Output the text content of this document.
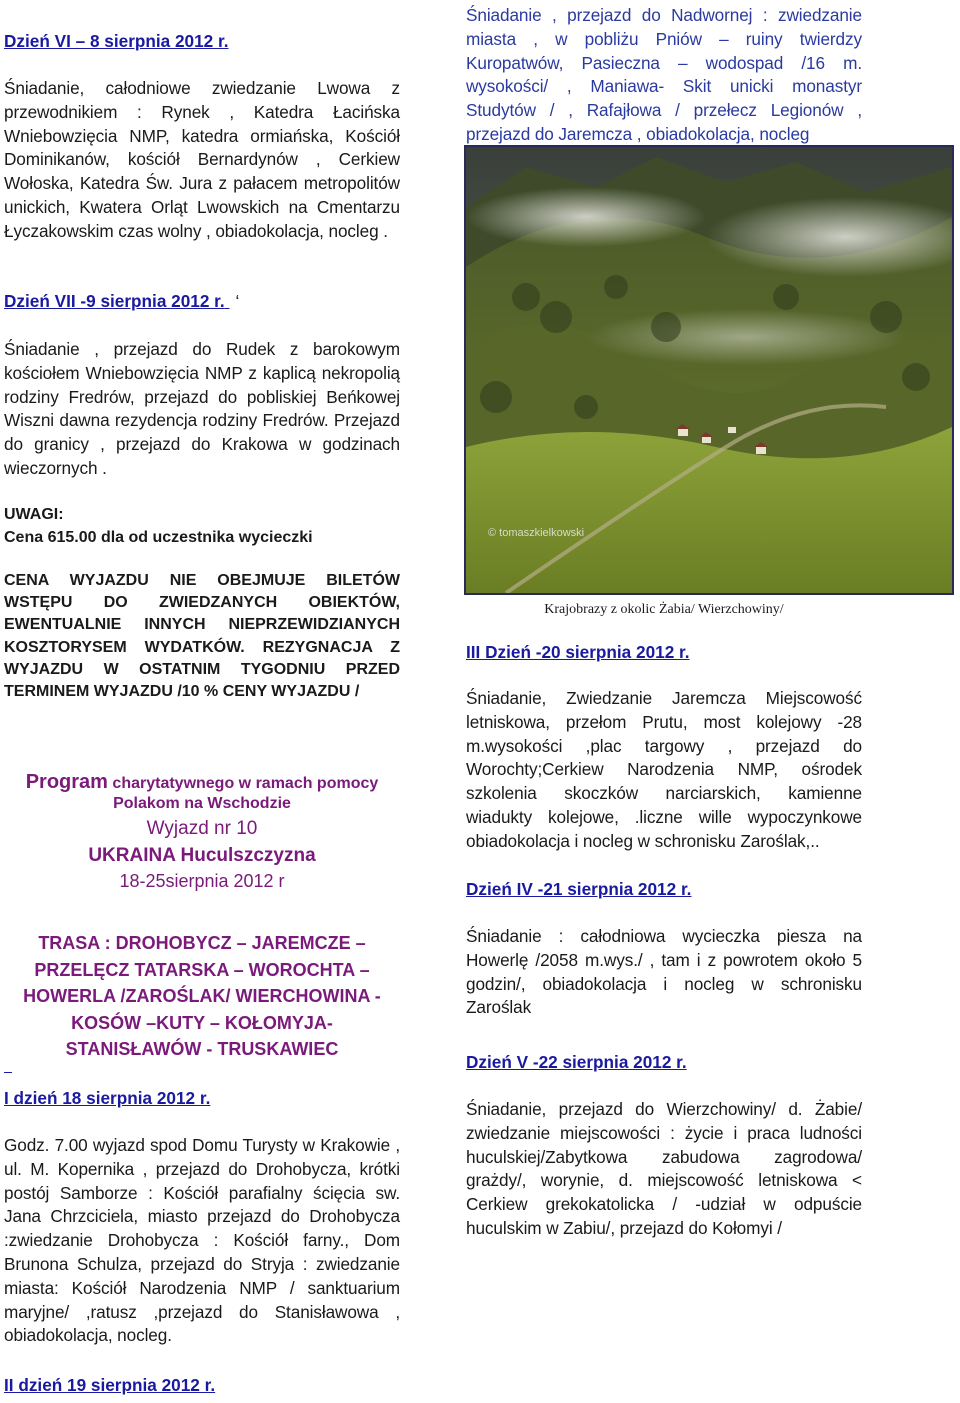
Dzień VI – 8 sierpnia 2012 r.

Śniadanie, całodniowe zwiedzanie Lwowa z przewodnikiem : Rynek , Katedra Łacińska Wniebowzięcia NMP, katedra ormiańska, Kościół Dominikanów, kościół Bernardynów , Cerkiew Wołoska, Katedra Św. Jura z pałacem metropolitów unickich, Kwatera Orląt Lwowskich na Cmentarzu Łyczakowskim czas wolny , obiadokolacja, nocleg .

Dzień VII -9 sierpnia 2012 r. ‘

Śniadanie , przejazd do Rudek z barokowym kościołem Wniebowzięcia NMP z kaplicą nekropolią rodziny Fredrów, przejazd do pobliskiej Beńkowej Wiszni dawna rezydencja rodziny Fredrów. Przejazd do granicy , przejazd do Krakowa w godzinach wieczornych .

UWAGI:
Cena 615.00 dla od uczestnika wycieczki

CENA WYJAZDU NIE OBEJMUJE BILETÓW WSTĘPU DO ZWIEDZANYCH OBIEKTÓW, EWENTUALNIE INNYCH NIEPRZEWIDZIANYCH KOSZTORYSEM WYDATKÓW. REZYGNACJA Z WYJAZDU W OSTATNIM TYGODNIU PRZED TERMINEM WYJAZDU /10 % CENY WYJAZDU /

Program charytatywnego w ramach pomocy
Polakom na Wschodzie
Wyjazd nr 10
UKRAINA Huculszczyzna
18-25sierpnia 2012 r
TRASA : DROHOBYCZ – JAREMCZE – PRZELĘCZ TATARSKA – WOROCHTA – HOWERLA /ZAROŚLAK/ WIERCHOWINA - KOSÓW –KUTY – KOŁOMYJA- STANISŁAWÓW - TRUSKAWIEC
I dzień 18 sierpnia 2012 r.

Godz. 7.00 wyjazd spod Domu Turysty w Krakowie , ul. M. Kopernika , przejazd do Drohobycza, krótki postój Samborze : Kościół parafialny ścięcia sw. Jana Chrzciciela, miasto przejazd do Drohobycza :zwiedzanie Drohobycza : Kościół farny., Dom Brunona Schulza, przejazd do Stryja : zwiedzanie miastа: Kościół Narodzenia NMP / sanktuarium maryjne/ ,ratusz ,przejazd do Stanisławowa , obiadokolacja, nocleg.

II dzień 19 sierpnia 2012 r.

Śniadanie , przejazd do Nadwornej : zwiedzanie miasta , w pobliżu Pniów – ruiny twierdzy Kuropatwów, Pasieczna – wodospad /16 m. wysokości/ , Maniawa- Skit unicki monastyr Studytów / , Rafajłowa / przełecz Legionów , przejazd do Jaremcza , obiadokolacja, nocleg

© tomaszkielkowski
Krajobrazy z okolic Żabia/ Wierzchowiny/
III Dzień -20 sierpnia 2012 r.

Śniadanie, Zwiedzanie Jaremcza Miejscowość letniskowa, przełom Prutu, most kolejowy -28 m.wysokości ,plac targowy , przejazd do Worochty;Cerkiew Narodzenia NMP, ośrodek szkolenia skoczków narciarskich, kamienne wiadukty kolejowe, .liczne wille wypoczynkowe obiadokolacja i nocleg w schronisku Zaroślak,..

Dzień IV -21 sierpnia 2012 r.

Śniadanie : całodniowa wycieczka piesza na Howerlę /2058 m.wys./ , tam i z powrotem około 5 godzin/, obiadokolacja i nocleg w schronisku Zaroślak

Dzień V -22 sierpnia 2012 r.

Śniadanie, przejazd do Wierzchowiny/ d. Żabie/ zwiedzanie miejscowości : życie i praca ludności huculskiej/Zabytkowa zabudowa zagrodowa/ grażdy/, worynie, d. miejscowość letniskowa < Cerkiew grekokatolicka / -udział w odpuście huculskim w Zabiu/, przejazd do Kołomyi /
